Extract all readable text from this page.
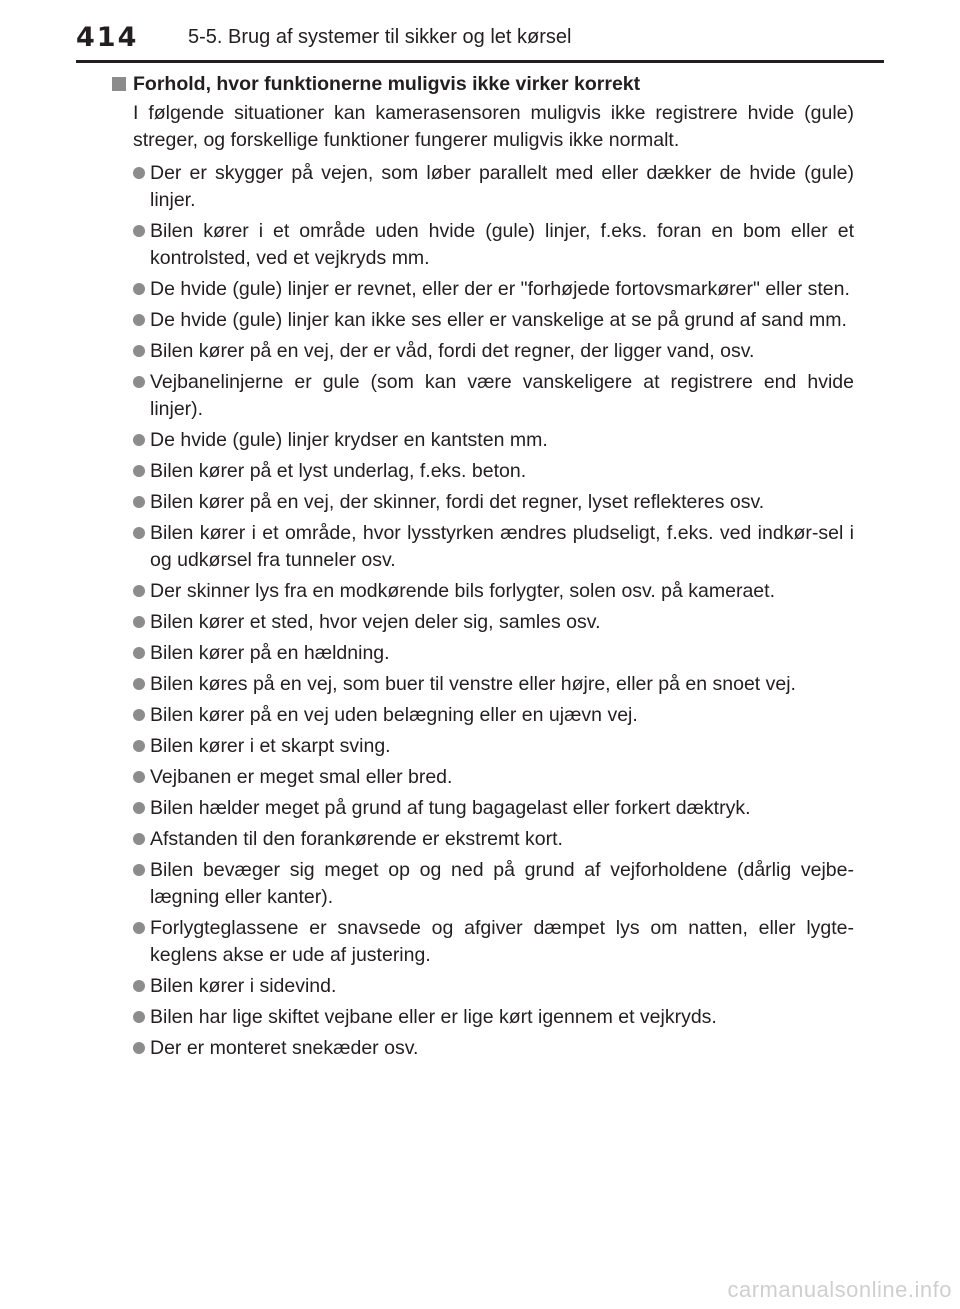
414 5-5. Brug af systemer til sikker og let kørsel
Forhold, hvor funktionerne muligvis ikke virker korrekt

I følgende situationer kan kamerasensoren muligvis ikke registrere hvide (gule) streger, og forskellige funktioner fungerer muligvis ikke normalt.

Der er skygger på vejen, som løber parallelt med eller dækker de hvide (gule) linjer.
Bilen kører i et område uden hvide (gule) linjer, f.eks. foran en bom eller et kontrolsted, ved et vejkryds mm.
De hvide (gule) linjer er revnet, eller der er "forhøjede fortovsmarkører" eller sten.
De hvide (gule) linjer kan ikke ses eller er vanskelige at se på grund af sand mm.
Bilen kører på en vej, der er våd, fordi det regner, der ligger vand, osv.
Vejbanelinjerne er gule (som kan være vanskeligere at registrere end hvide linjer).
De hvide (gule) linjer krydser en kantsten mm.
Bilen kører på et lyst underlag, f.eks. beton.
Bilen kører på en vej, der skinner, fordi det regner, lyset reflekteres osv.
Bilen kører i et område, hvor lysstyrken ændres pludseligt, f.eks. ved indkør-sel i og udkørsel fra tunneler osv.
Der skinner lys fra en modkørende bils forlygter, solen osv. på kameraet.
Bilen kører et sted, hvor vejen deler sig, samles osv.
Bilen kører på en hældning.
Bilen køres på en vej, som buer til venstre eller højre, eller på en snoet vej.
Bilen kører på en vej uden belægning eller en ujævn vej.
Bilen kører i et skarpt sving.
Vejbanen er meget smal eller bred.
Bilen hælder meget på grund af tung bagagelast eller forkert dæktryk.
Afstanden til den forankørende er ekstremt kort.
Bilen bevæger sig meget op og ned på grund af vejforholdene (dårlig vejbe-lægning eller kanter).
Forlygteglassene er snavsede og afgiver dæmpet lys om natten, eller lygte-keglens akse er ude af justering.
Bilen kører i sidevind.
Bilen har lige skiftet vejbane eller er lige kørt igennem et vejkryds.
Der er monteret snekæder osv.
carmanualsonline.info
